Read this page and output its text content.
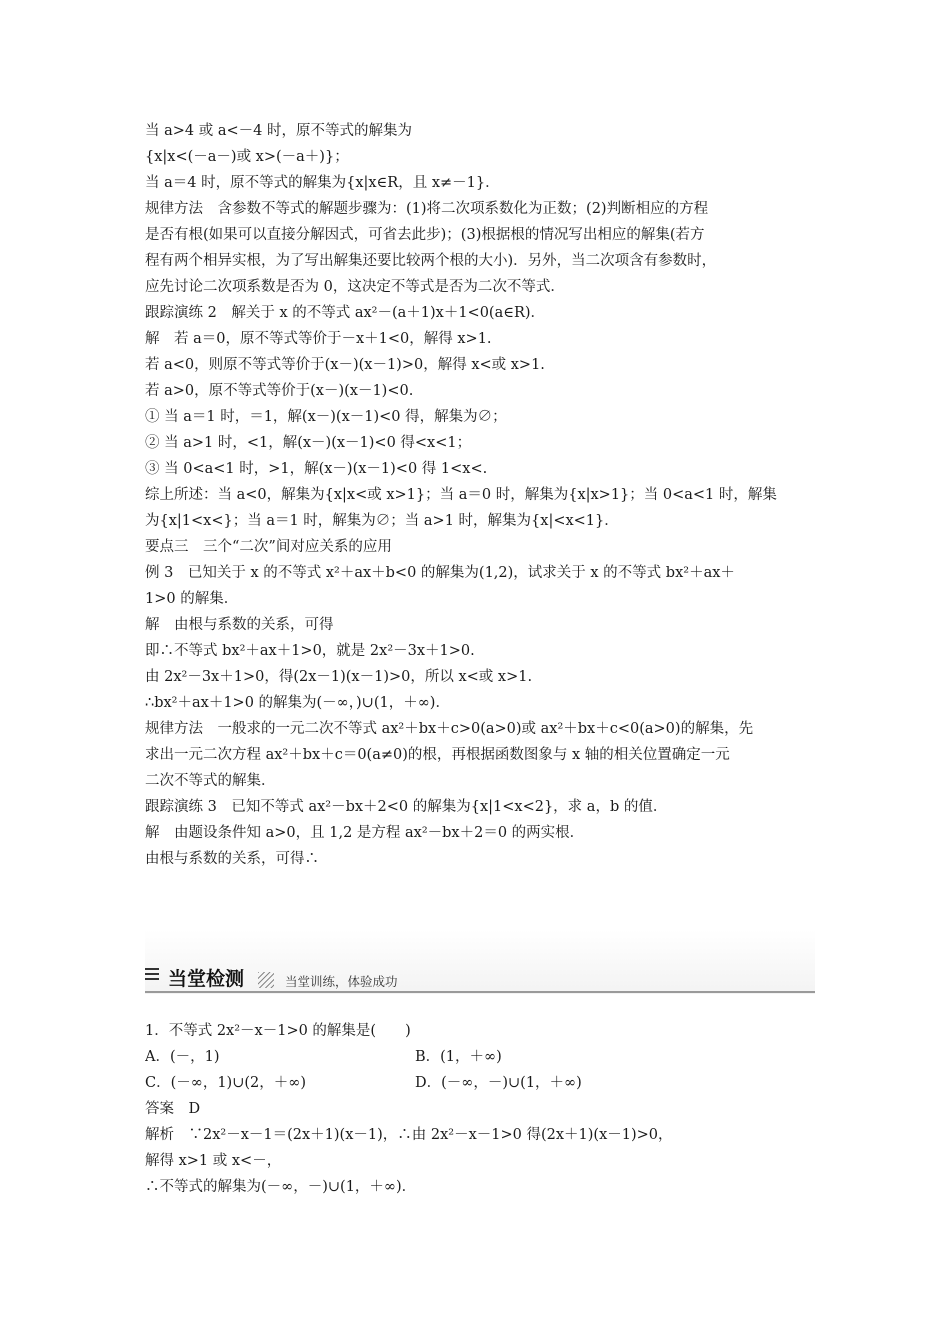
当 a>4 或 a<－4 时，原不等式的解集为
{x|x<(－a－)或 x>(－a＋)}；
当 a＝4 时，原不等式的解集为{x|x∈R，且 x≠－1}．
规律方法　含参数不等式的解题步骤为：(1)将二次项系数化为正数；(2)判断相应的方程
是否有根(如果可以直接分解因式，可省去此步)；(3)根据根的情况写出相应的解集(若方
程有两个相异实根，为了写出解集还要比较两个根的大小)．另外，当二次项含有参数时，
应先讨论二次项系数是否为 0，这决定不等式是否为二次不等式．
跟踪演练 2　解关于 x 的不等式 ax²－(a＋1)x＋1<0(a∈R)．
解　若 a＝0，原不等式等价于－x＋1<0，解得 x>1.
若 a<0，则原不等式等价于(x－)(x－1)>0，解得 x<或 x>1.
若 a>0，原不等式等价于(x－)(x－1)<0.
① 当 a＝1 时，＝1，解(x－)(x－1)<0 得，解集为∅；
② 当 a>1 时，<1，解(x－)(x－1)<0 得<x<1；
③ 当 0<a<1 时，>1，解(x－)(x－1)<0 得 1<x<.
综上所述：当 a<0，解集为{x|x<或 x>1}；当 a＝0 时，解集为{x|x>1}；当 0<a<1 时，解集
为{x|1<x<}；当 a＝1 时，解集为∅；当 a>1 时，解集为{x|<x<1}．
要点三　三个“二次”间对应关系的应用
例 3　已知关于 x 的不等式 x²＋ax＋b<0 的解集为(1,2)，试求关于 x 的不等式 bx²＋ax＋
1>0 的解集．
解　由根与系数的关系，可得
即∴不等式 bx²＋ax＋1>0，就是 2x²－3x＋1>0.
由 2x²－3x＋1>0，得(2x－1)(x－1)>0，所以 x<或 x>1.
∴bx²＋ax＋1>0 的解集为(－∞，)∪(1，＋∞)．
规律方法　一般求的一元二次不等式 ax²＋bx＋c>0(a>0)或 ax²＋bx＋c<0(a>0)的解集，先
求出一元二次方程 ax²＋bx＋c＝0(a≠0)的根，再根据函数图象与 x 轴的相关位置确定一元
二次不等式的解集．
跟踪演练 3　已知不等式 ax²－bx＋2<0 的解集为{x|1<x<2}，求 a，b 的值．
解　由题设条件知 a>0，且 1,2 是方程 ax²－bx＋2＝0 的两实根．
由根与系数的关系，可得∴
当堂检测	当堂训练，体验成功
1．不等式 2x²－x－1>0 的解集是(　　)
A．(－，1)	B．(1，＋∞)
C．(－∞，1)∪(2，＋∞)	D．(－∞，－)∪(1，＋∞)
答案　D
解析　∵2x²－x－1＝(2x＋1)(x－1)，∴由 2x²－x－1>0 得(2x＋1)(x－1)>0，
解得 x>1 或 x<－，
∴不等式的解集为(－∞，－)∪(1，＋∞)．
